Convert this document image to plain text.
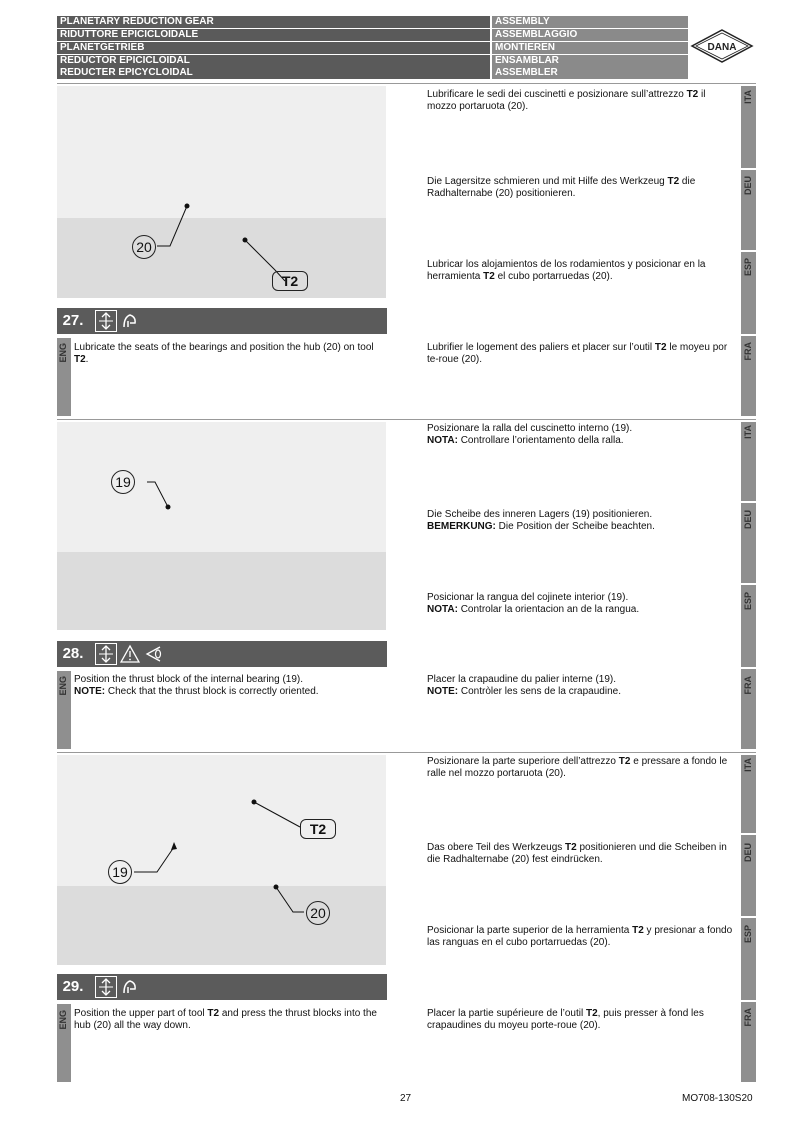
PLANETARY REDUCTION GEAR
RIDUTTORE EPICICLOIDALE
PLANETGETRIEB
REDUCTOR EPICICLOIDAL
REDUCTER EPICYCLOIDAL
ASSEMBLY
ASSEMBLAGGIO
MONTIEREN
ENSAMBLAR
ASSEMBLER
DANA
20
T2
27.
ENG Lubricate the seats of the bearings and position the hub (20) on tool T2.
ITA
Lubrificare le sedi dei cuscinetti e posizionare sull’attrezzo T2 il mozzo portaruota (20).
DEU
Die Lagersitze schmieren und mit Hilfe des Werkzeug T2 die Radhalternabe (20) positionieren.
ESP
Lubricar los alojamientos de los rodamientos y posicionar en la herramienta T2 el cubo portarruedas (20).
FRA
Lubrifier le logement des paliers et placer sur l’outil T2 le moyeu por te-roue (20).
19
28.
ENG Position the thrust block of the internal bearing (19).
NOTE: Check that the thrust block is correctly oriented.
ITA
Posizionare la ralla del cuscinetto interno (19).
NOTA: Controllare l’orientamento della ralla.
DEU
Die Scheibe des inneren Lagers (19) positionieren.
BEMERKUNG: Die Position der Scheibe beachten.
ESP
Posicionar la rangua del cojinete interior (19).
NOTA: Controlar la orientacion an de la rangua.
FRA
Placer la crapaudine du palier interne (19).
NOTE: Contròler les sens de la crapaudine.
T2
19
20
29.
ENG Position the upper part of tool T2 and press the thrust blocks into the hub (20) all the way down.
ITA
Posizionare la parte superiore dell’attrezzo T2 e pressare a fondo le ralle nel mozzo portaruota (20).
DEU
Das obere Teil des Werkzeugs T2 positionieren und die Scheiben in die Radhalternabe (20) fest eindrücken.
ESP
Posicionar la parte superior de la herramienta T2 y presionar a fondo las ranguas en el cubo portarruedas (20).
FRA
Placer la partie supérieure de l’outil T2, puis presser à fond les crapaudines du moyeu porte-roue (20).
27	MO708-130S20
